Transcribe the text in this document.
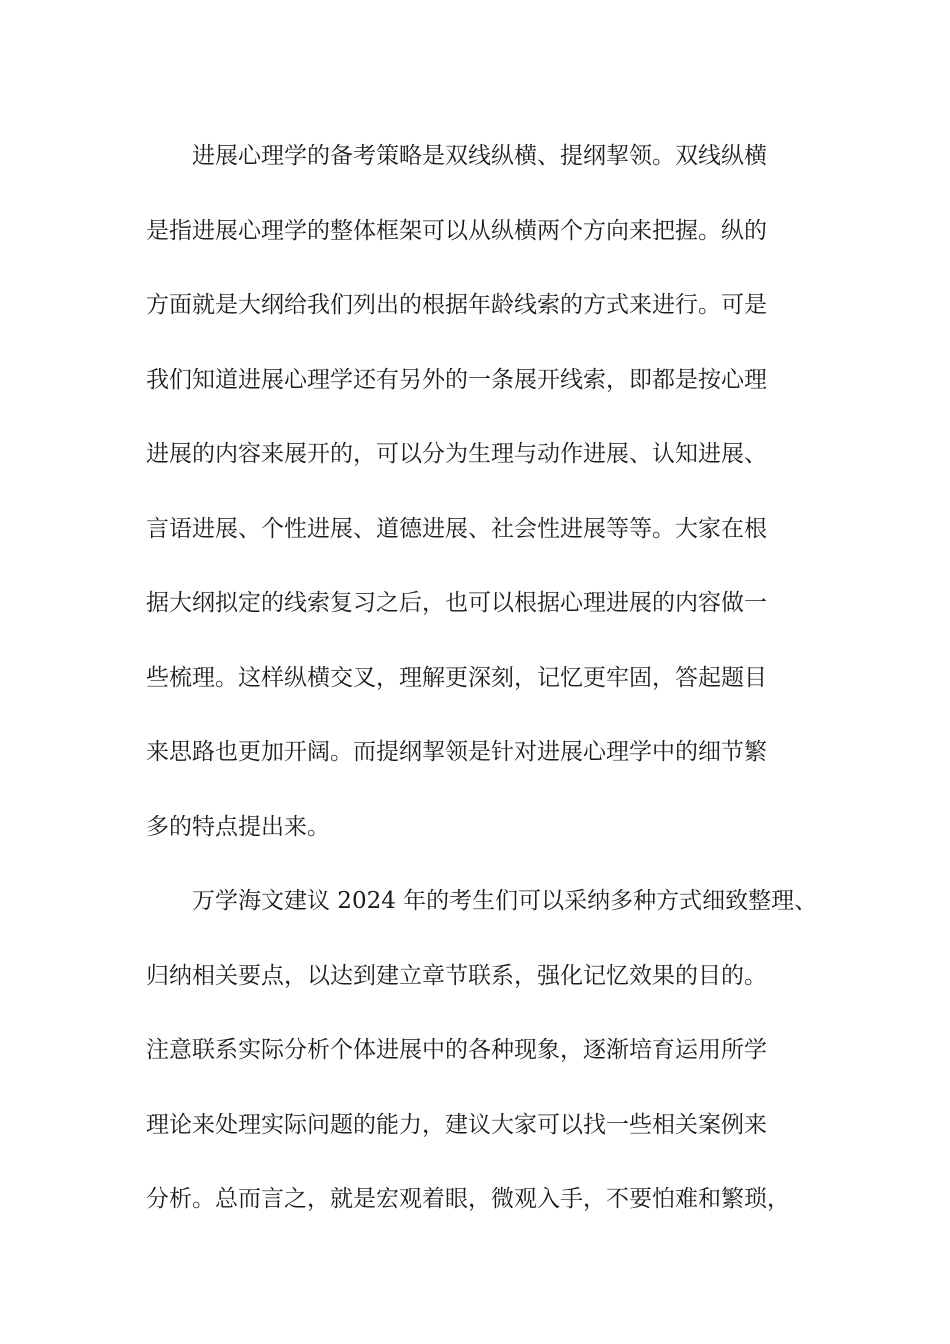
进展心理学的备考策略是双线纵横、提纲挈领。双线纵横
是指进展心理学的整体框架可以从纵横两个方向来把握。纵的
方面就是大纲给我们列出的根据年龄线索的方式来进行。可是
我们知道进展心理学还有另外的一条展开线索，即都是按心理
进展的内容来展开的，可以分为生理与动作进展、认知进展、
言语进展、个性进展、道德进展、社会性进展等等。大家在根
据大纲拟定的线索复习之后，也可以根据心理进展的内容做一
些梳理。这样纵横交叉，理解更深刻，记忆更牢固，答起题目
来思路也更加开阔。而提纲挈领是针对进展心理学中的细节繁
多的特点提出来。
万学海文建议 2024 年的考生们可以采纳多种方式细致整理、
归纳相关要点，以达到建立章节联系，强化记忆效果的目的。
注意联系实际分析个体进展中的各种现象，逐渐培育运用所学
理论来处理实际问题的能力，建议大家可以找一些相关案例来
分析。总而言之，就是宏观着眼，微观入手，不要怕难和繁琐，
